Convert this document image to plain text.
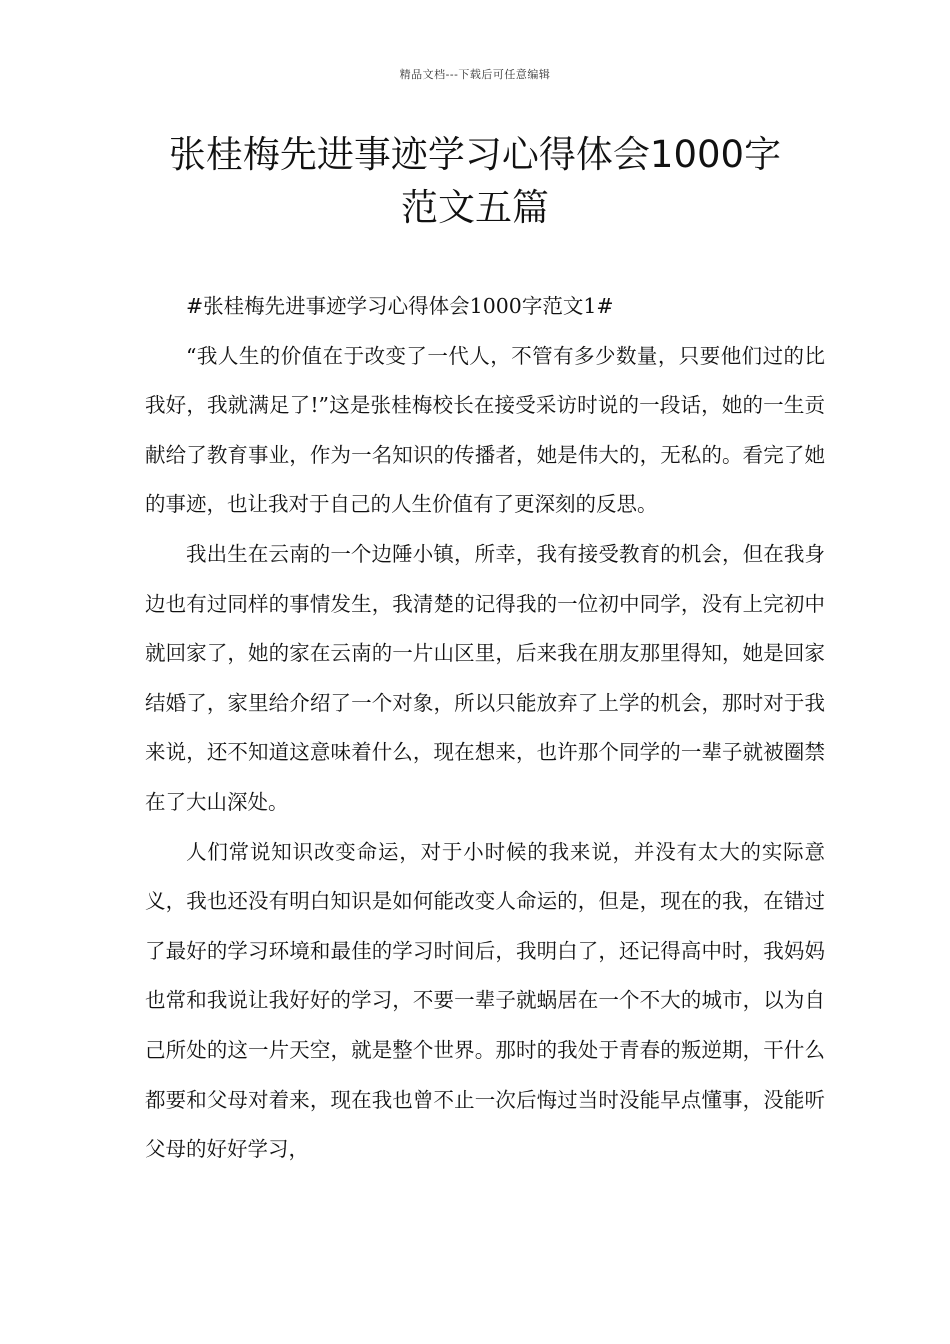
精品文档---下载后可任意编辑
张桂梅先进事迹学习心得体会1000字
范文五篇

#张桂梅先进事迹学习心得体会1000字范文1#

“我人生的价值在于改变了一代人，不管有多少数量，只要他们过的比我好，我就满足了!”这是张桂梅校长在接受采访时说的一段话，她的一生贡献给了教育事业，作为一名知识的传播者，她是伟大的，无私的。看完了她的事迹，也让我对于自己的人生价值有了更深刻的反思。

我出生在云南的一个边陲小镇，所幸，我有接受教育的机会，但在我身边也有过同样的事情发生，我清楚的记得我的一位初中同学，没有上完初中就回家了，她的家在云南的一片山区里，后来我在朋友那里得知，她是回家结婚了，家里给介绍了一个对象，所以只能放弃了上学的机会，那时对于我来说，还不知道这意味着什么，现在想来，也许那个同学的一辈子就被圈禁在了大山深处。

人们常说知识改变命运，对于小时候的我来说，并没有太大的实际意义，我也还没有明白知识是如何能改变人命运的，但是，现在的我，在错过了最好的学习环境和最佳的学习时间后，我明白了，还记得高中时，我妈妈也常和我说让我好好的学习，不要一辈子就蜗居在一个不大的城市，以为自己所处的这一片天空，就是整个世界。那时的我处于青春的叛逆期，干什么都要和父母对着来，现在我也曾不止一次后悔过当时没能早点懂事，没能听父母的好好学习，
